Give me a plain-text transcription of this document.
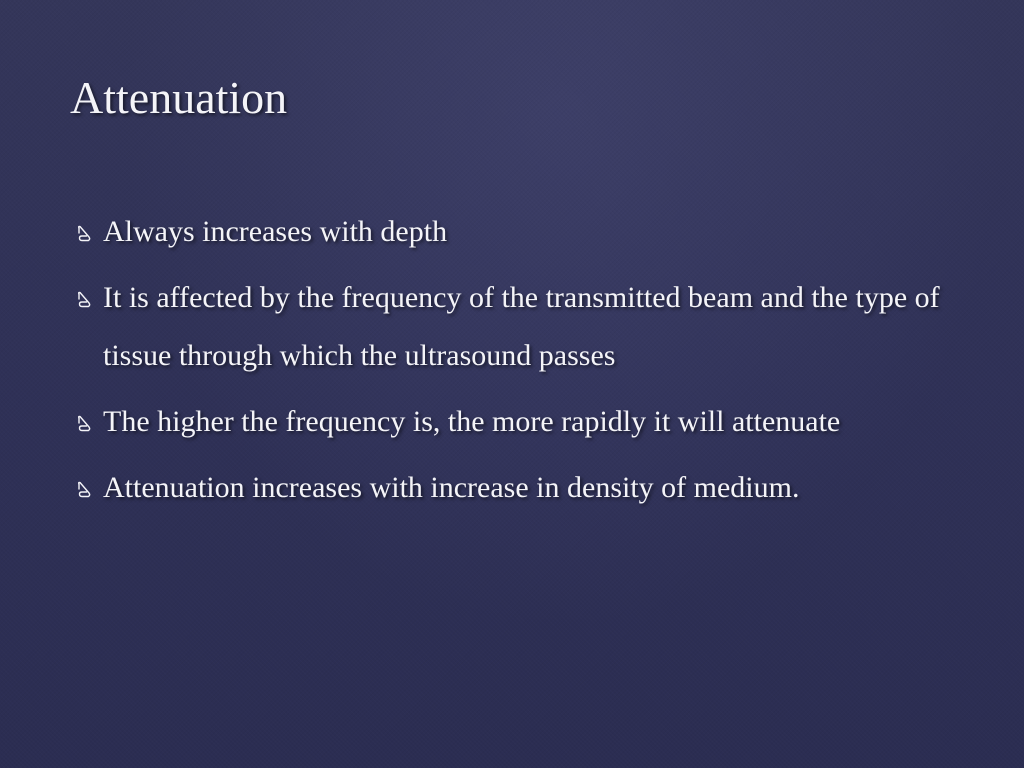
Attenuation
Always increases with depth
It is affected by the frequency of the transmitted beam and the type of tissue through which the ultrasound passes
The higher the frequency is, the more rapidly it will attenuate
Attenuation increases with increase in density of medium.
